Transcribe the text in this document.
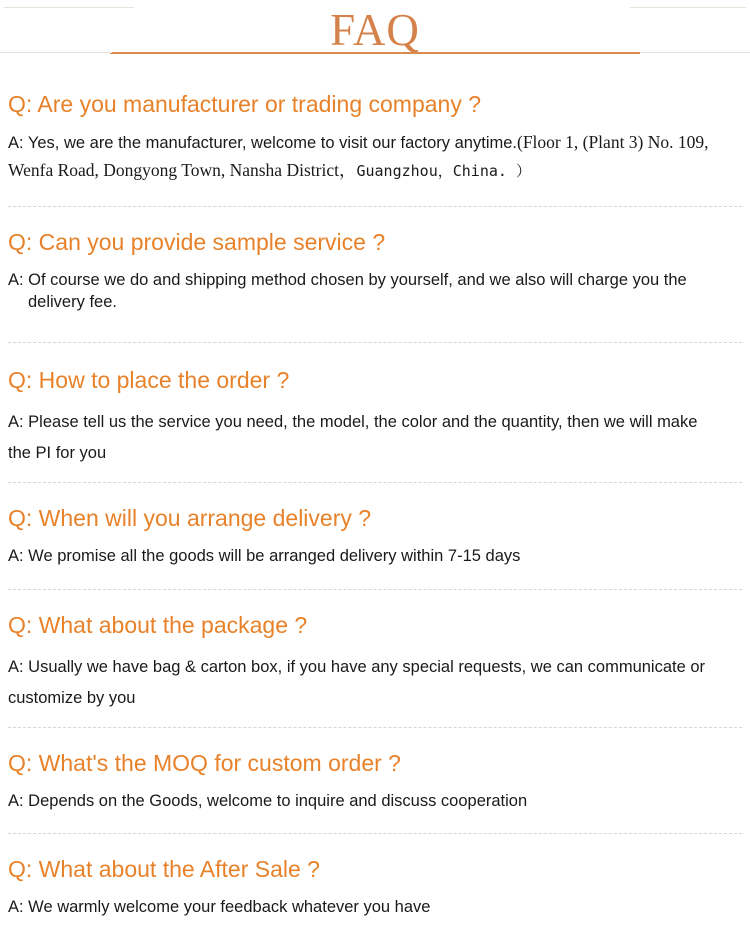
FAQ
Q: Are you manufacturer or trading company ?
A: Yes, we are the manufacturer, welcome to visit our factory anytime.(Floor 1, (Plant 3) No. 109,
Wenfa Road, Dongyong Town, Nansha District，Guangzhou，China. ）
Q: Can you provide sample service ?
A: Of course we do and shipping method chosen by yourself, and we also will charge you the
delivery fee.
Q: How to place the order ?
A: Please tell us the service you need, the model, the color and the quantity, then we will make
the PI for you
Q: When will you arrange delivery ?
A: We promise all the goods will be arranged delivery within 7-15 days
Q: What about the package ?
A: Usually we have bag & carton box, if you have any special requests, we can communicate or
customize by you
Q: What's the MOQ for custom order ?
A: Depends on the Goods, welcome to inquire and discuss cooperation
Q: What about the After Sale ?
A: We warmly welcome your feedback whatever you have
